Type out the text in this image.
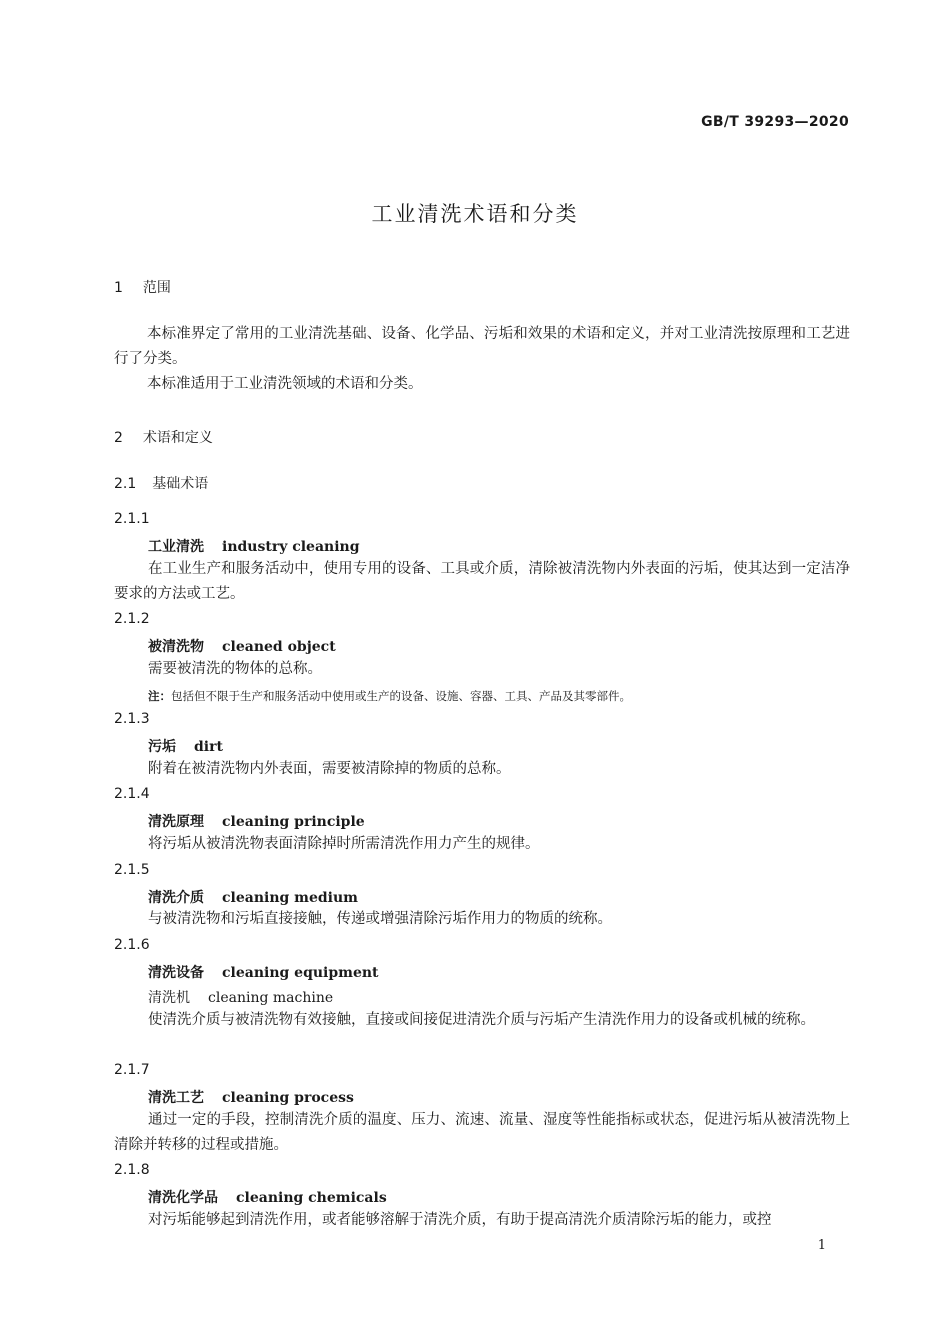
GB/T 39293—2020
工业清洗术语和分类
1 范围
本标准界定了常用的工业清洗基础、设备、化学品、污垢和效果的术语和定义，并对工业清洗按原理和工艺进行了分类。
本标准适用于工业清洗领域的术语和分类。
2 术语和定义
2.1 基础术语
2.1.1
工业清洗 industry cleaning
在工业生产和服务活动中，使用专用的设备、工具或介质，清除被清洗物内外表面的污垢，使其达到一定洁净要求的方法或工艺。
2.1.2
被清洗物 cleaned object
需要被清洗的物体的总称。
注：包括但不限于生产和服务活动中使用或生产的设备、设施、容器、工具、产品及其零部件。
2.1.3
污垢 dirt
附着在被清洗物内外表面，需要被清除掉的物质的总称。
2.1.4
清洗原理 cleaning principle
将污垢从被清洗物表面清除掉时所需清洗作用力产生的规律。
2.1.5
清洗介质 cleaning medium
与被清洗物和污垢直接接触，传递或增强清除污垢作用力的物质的统称。
2.1.6
清洗设备 cleaning equipment
清洗机 cleaning machine
使清洗介质与被清洗物有效接触，直接或间接促进清洗介质与污垢产生清洗作用力的设备或机械的统称。
2.1.7
清洗工艺 cleaning process
通过一定的手段，控制清洗介质的温度、压力、流速、流量、湿度等性能指标或状态，促进污垢从被清洗物上清除并转移的过程或措施。
2.1.8
清洗化学品 cleaning chemicals
对污垢能够起到清洗作用，或者能够溶解于清洗介质，有助于提高清洗介质清除污垢的能力，或控
1
